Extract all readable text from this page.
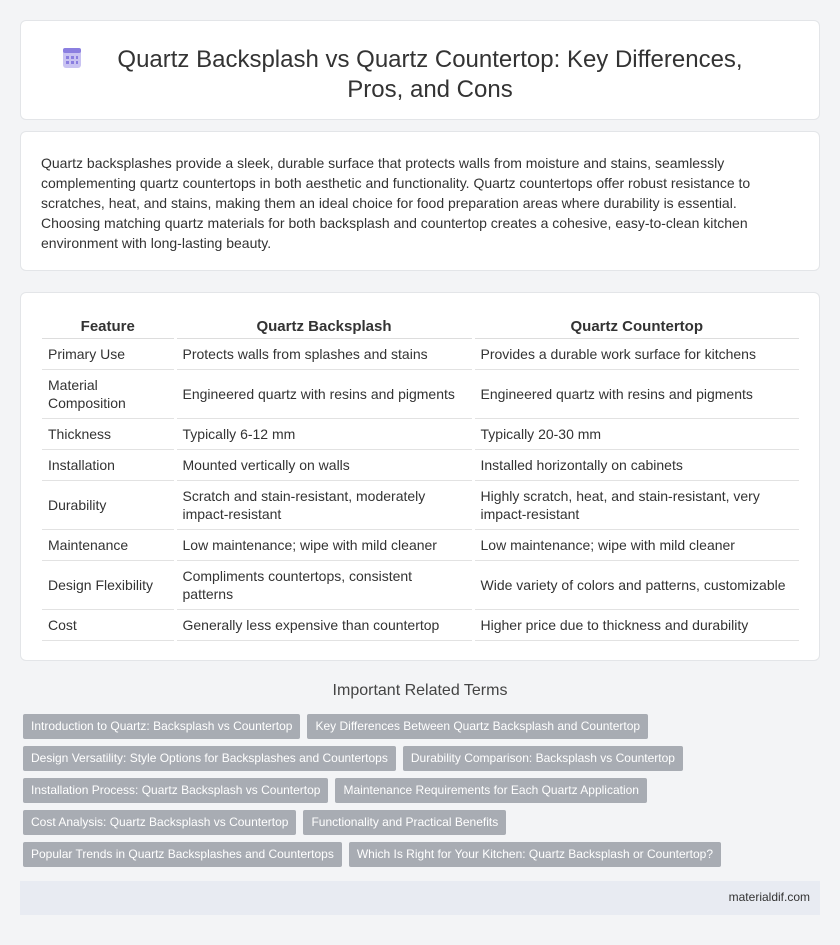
Quartz Backsplash vs Quartz Countertop: Key Differences, Pros, and Cons

Quartz backsplashes provide a sleek, durable surface that protects walls from moisture and stains, seamlessly complementing quartz countertops in both aesthetic and functionality. Quartz countertops offer robust resistance to scratches, heat, and stains, making them an ideal choice for food preparation areas where durability is essential. Choosing matching quartz materials for both backsplash and countertop creates a cohesive, easy-to-clean kitchen environment with long-lasting beauty.

Feature	Quartz Backsplash	Quartz Countertop
Primary Use	Protects walls from splashes and stains	Provides a durable work surface for kitchens
Material Composition	Engineered quartz with resins and pigments	Engineered quartz with resins and pigments
Thickness	Typically 6-12 mm	Typically 20-30 mm
Installation	Mounted vertically on walls	Installed horizontally on cabinets
Durability	Scratch and stain-resistant, moderately impact-resistant	Highly scratch, heat, and stain-resistant, very impact-resistant
Maintenance	Low maintenance; wipe with mild cleaner	Low maintenance; wipe with mild cleaner
Design Flexibility	Compliments countertops, consistent patterns	Wide variety of colors and patterns, customizable
Cost	Generally less expensive than countertop	Higher price due to thickness and durability
Important Related Terms
Introduction to Quartz: Backsplash vs Countertop	Key Differences Between Quartz Backsplash and Countertop
Design Versatility: Style Options for Backsplashes and Countertops	Durability Comparison: Backsplash vs Countertop
Installation Process: Quartz Backsplash vs Countertop	Maintenance Requirements for Each Quartz Application
Cost Analysis: Quartz Backsplash vs Countertop	Functionality and Practical Benefits
Popular Trends in Quartz Backsplashes and Countertops	Which Is Right for Your Kitchen: Quartz Backsplash or Countertop?
materialdif.com
